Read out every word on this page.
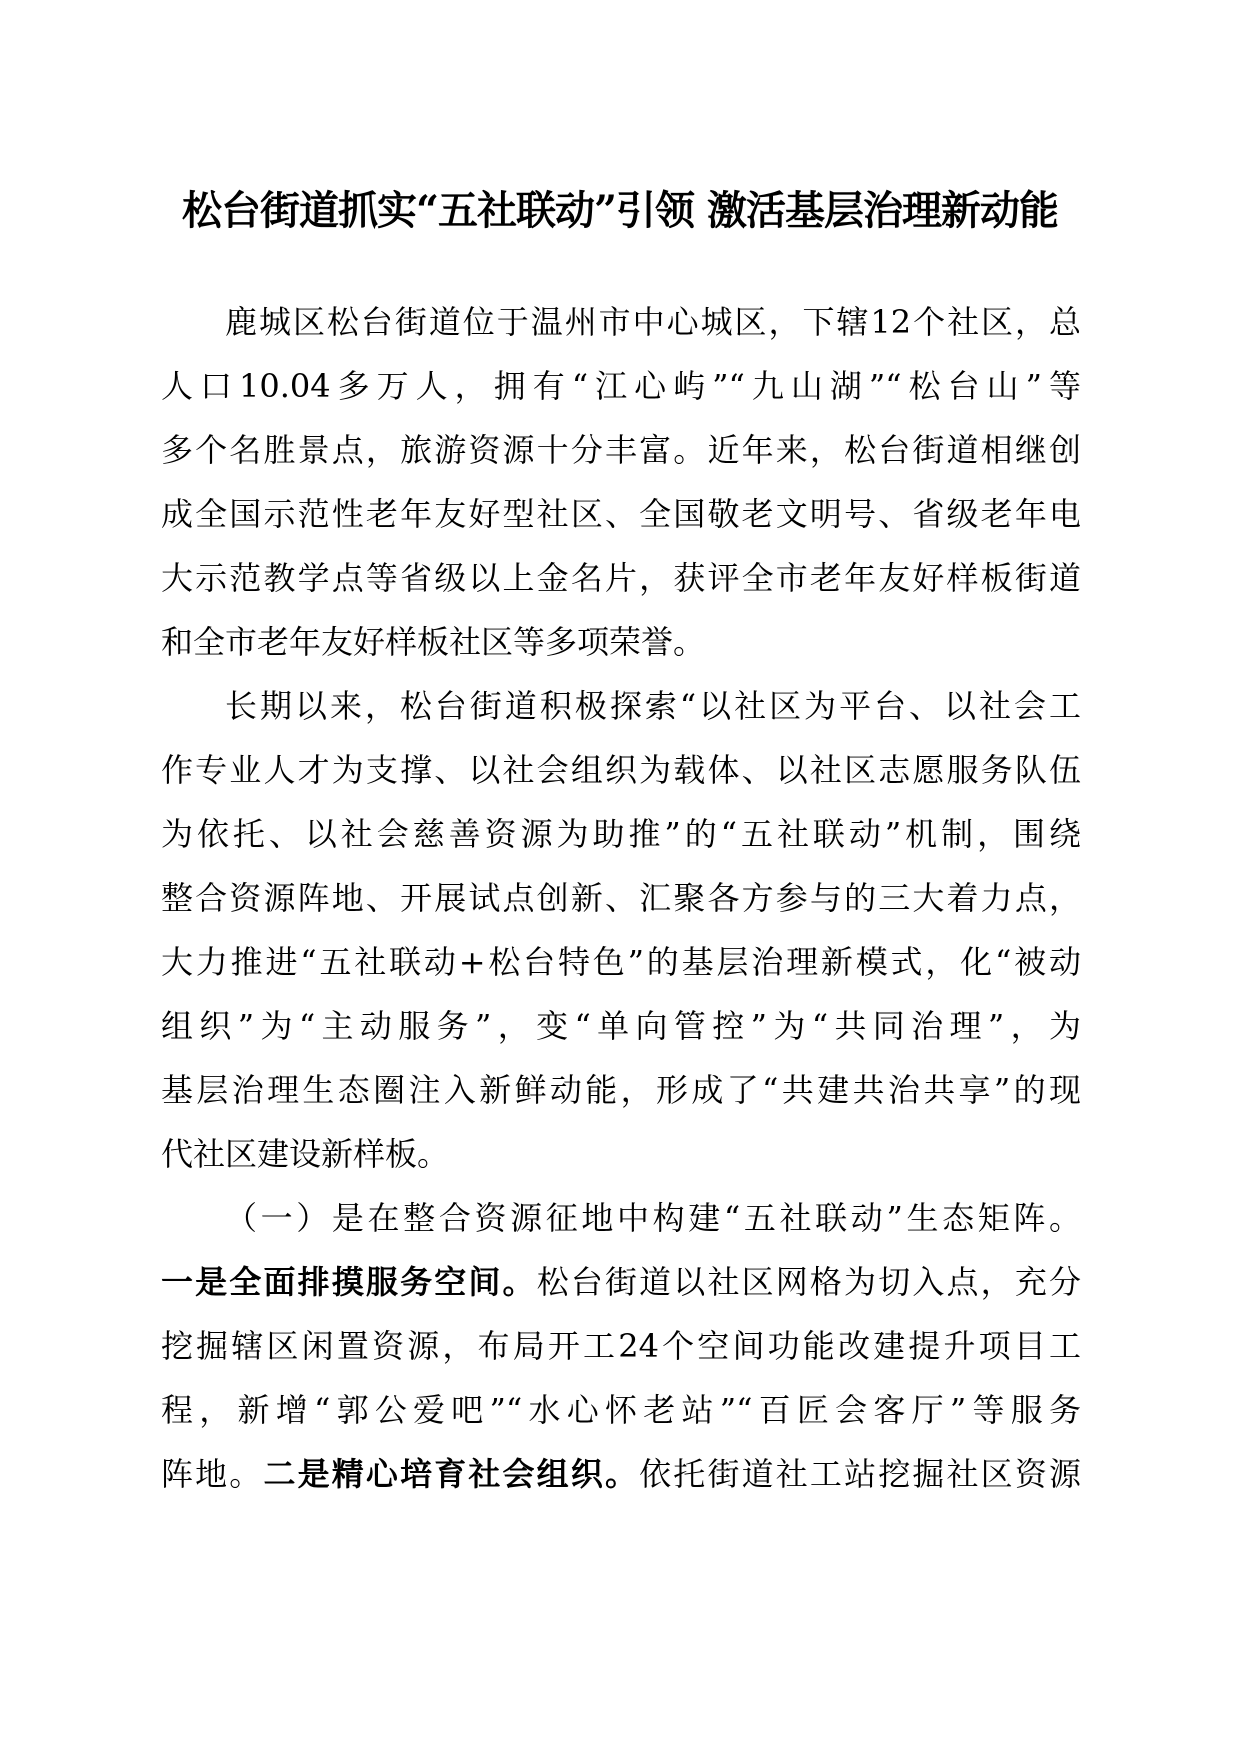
松台街道抓实“五社联动”引领 激活基层治理新动能
鹿城区松台街道位于温州市中心城区，下辖12个社区，总
人口10.04多万人，拥有“江心屿”“九山湖”“松台山”等
多个名胜景点，旅游资源十分丰富。近年来，松台街道相继创
成全国示范性老年友好型社区、全国敬老文明号、省级老年电
大示范教学点等省级以上金名片，获评全市老年友好样板街道
和全市老年友好样板社区等多项荣誉。
长期以来，松台街道积极探索“以社区为平台、以社会工
作专业人才为支撑、以社会组织为载体、以社区志愿服务队伍
为依托、以社会慈善资源为助推”的“五社联动”机制，围绕
整合资源阵地、开展试点创新、汇聚各方参与的三大着力点，
大力推进“五社联动+松台特色”的基层治理新模式，化“被动
组织”为“主动服务”，变“单向管控”为“共同治理”，为
基层治理生态圈注入新鲜动能，形成了“共建共治共享”的现
代社区建设新样板。
（一）是在整合资源征地中构建“五社联动”生态矩阵。
一是全面排摸服务空间。松台街道以社区网格为切入点，充分
挖掘辖区闲置资源，布局开工24个空间功能改建提升项目工
程，新增“郭公爱吧”“水心怀老站”“百匠会客厅”等服务
阵地。二是精心培育社会组织。依托街道社工站挖掘社区资源
